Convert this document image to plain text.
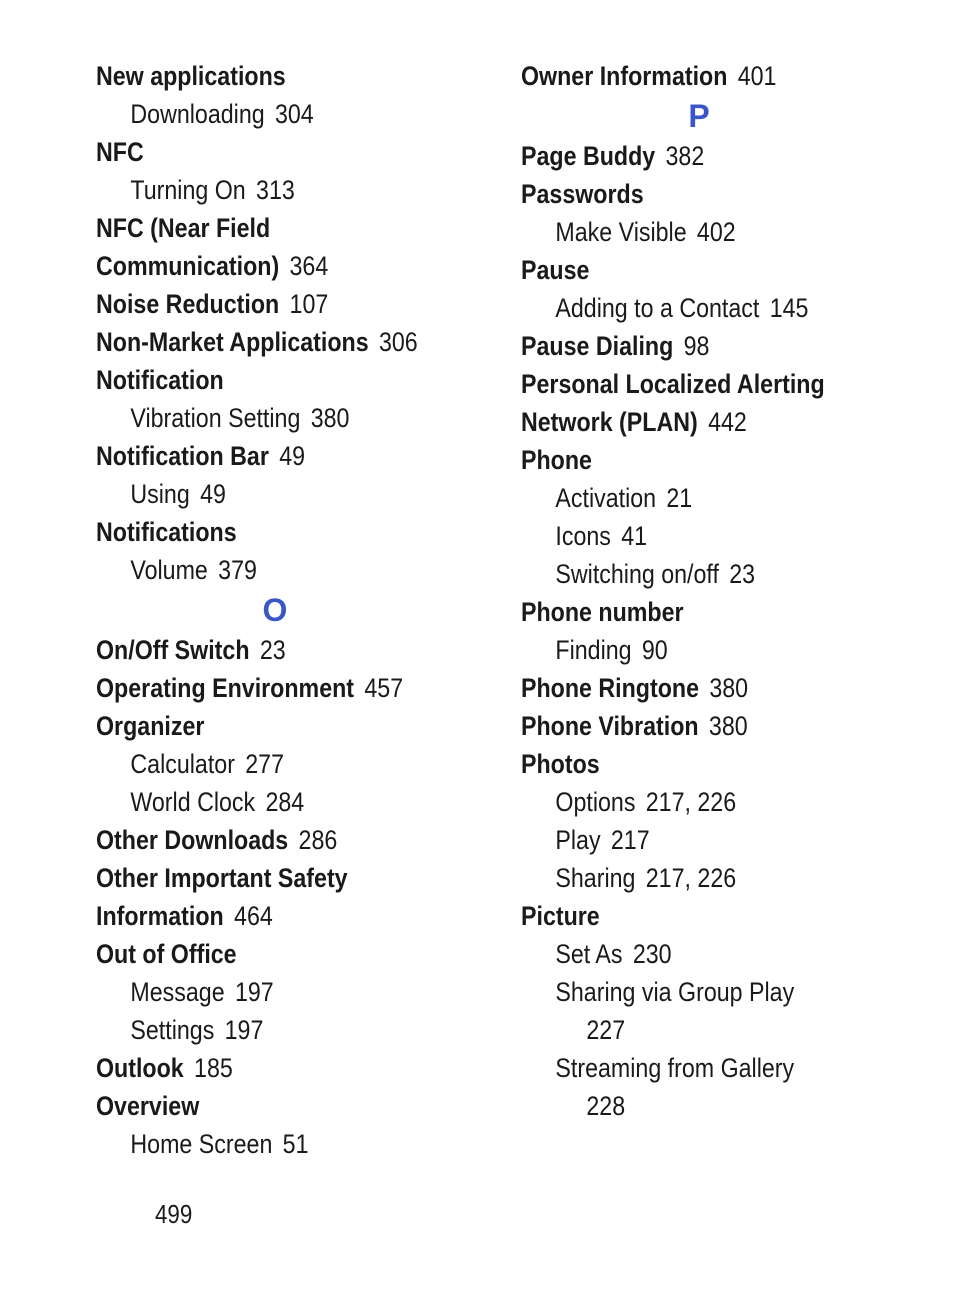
New applications
Downloading 304
NFC
Turning On 313
NFC (Near Field
Communication) 364
Noise Reduction 107
Non-Market Applications 306
Notification
Vibration Setting 380
Notification Bar 49
Using 49
Notifications
Volume 379
O
On/Off Switch 23
Operating Environment 457
Organizer
Calculator 277
World Clock 284
Other Downloads 286
Other Important Safety
Information 464
Out of Office
Message 197
Settings 197
Outlook 185
Overview
Home Screen 51
Owner Information 401
P
Page Buddy 382
Passwords
Make Visible 402
Pause
Adding to a Contact 145
Pause Dialing 98
Personal Localized Alerting
Network (PLAN) 442
Phone
Activation 21
Icons 41
Switching on/off 23
Phone number
Finding 90
Phone Ringtone 380
Phone Vibration 380
Photos
Options 217, 226
Play 217
Sharing 217, 226
Picture
Set As 230
Sharing via Group Play
227
Streaming from Gallery
228
499
